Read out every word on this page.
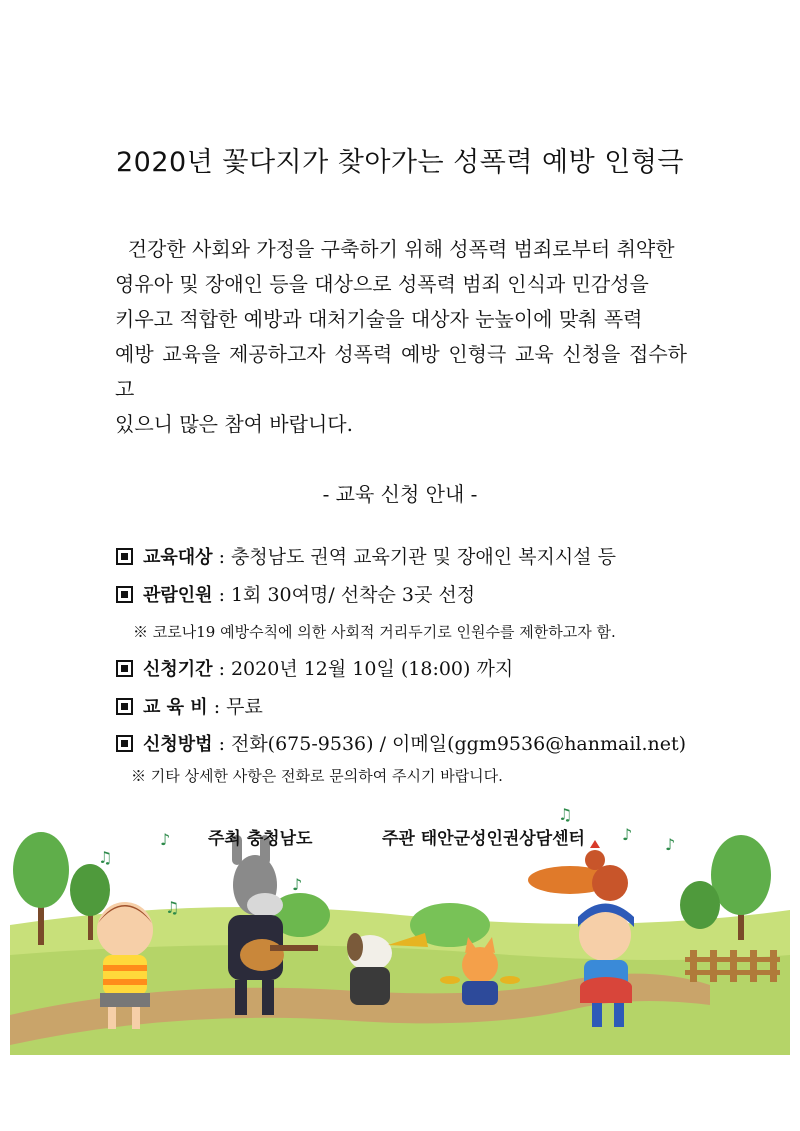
2020년 꽃다지가 찾아가는 성폭력 예방 인형극
건강한 사회와 가정을 구축하기 위해 성폭력 범죄로부터 취약한
영유아 및 장애인 등을 대상으로 성폭력 범죄 인식과 민감성을
키우고 적합한 예방과 대처기술을 대상자 눈높이에 맞춰 폭력
예방 교육을 제공하고자 성폭력 예방 인형극 교육 신청을 접수하고
있으니 많은 참여 바랍니다.
- 교육 신청 안내 -
교육대상 : 충청남도 권역 교육기관 및 장애인 복지시설 등
관람인원 : 1회 30여명/ 선착순 3곳 선정
※ 코로나19 예방수칙에 의한 사회적 거리두기로 인원수를 제한하고자 함.
신청기간 : 2020년 12월 10일 (18:00) 까지
교 육 비 : 무료
신청방법 : 전화(675-9536) / 이메일(ggm9536@hanmail.net)
※ 기타 상세한 사항은 전화로 문의하여 주시기 바랍니다.
♪
♫
♪
♫
♪
♪
♫
주최 충청남도	주관 태안군성인권상담센터
